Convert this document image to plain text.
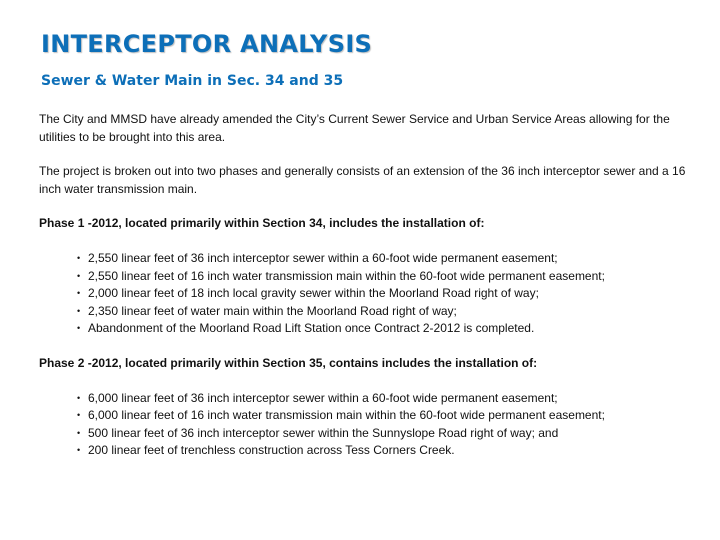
INTERCEPTOR ANALYSIS
Sewer & Water Main in Sec. 34 and 35

The City and MMSD have already amended the City’s Current Sewer Service and Urban Service Areas allowing for the utilities to be brought into this area.

The project is broken out into two phases and generally consists of an extension of the 36 inch interceptor sewer and a 16 inch water transmission main.

Phase 1 -2012, located primarily within Section 34, includes the installation of:

• 2,550 linear feet of 36 inch interceptor sewer within a 60-foot wide permanent easement;
• 2,550 linear feet of 16 inch water transmission main within the 60-foot wide permanent easement;
• 2,000 linear feet of 18 inch local gravity sewer within the Moorland Road right of way;
• 2,350 linear feet of water main within the Moorland Road right of way;
• Abandonment of the Moorland Road Lift Station once Contract 2-2012 is completed.

Phase 2 -2012, located primarily within Section 35, contains includes the installation of:

• 6,000 linear feet of 36 inch interceptor sewer within a 60-foot wide permanent easement;
• 6,000 linear feet of 16 inch water transmission main within the 60-foot wide permanent easement;
• 500 linear feet of 36 inch interceptor sewer within the Sunnyslope Road right of way; and
• 200 linear feet of trenchless construction across Tess Corners Creek.
